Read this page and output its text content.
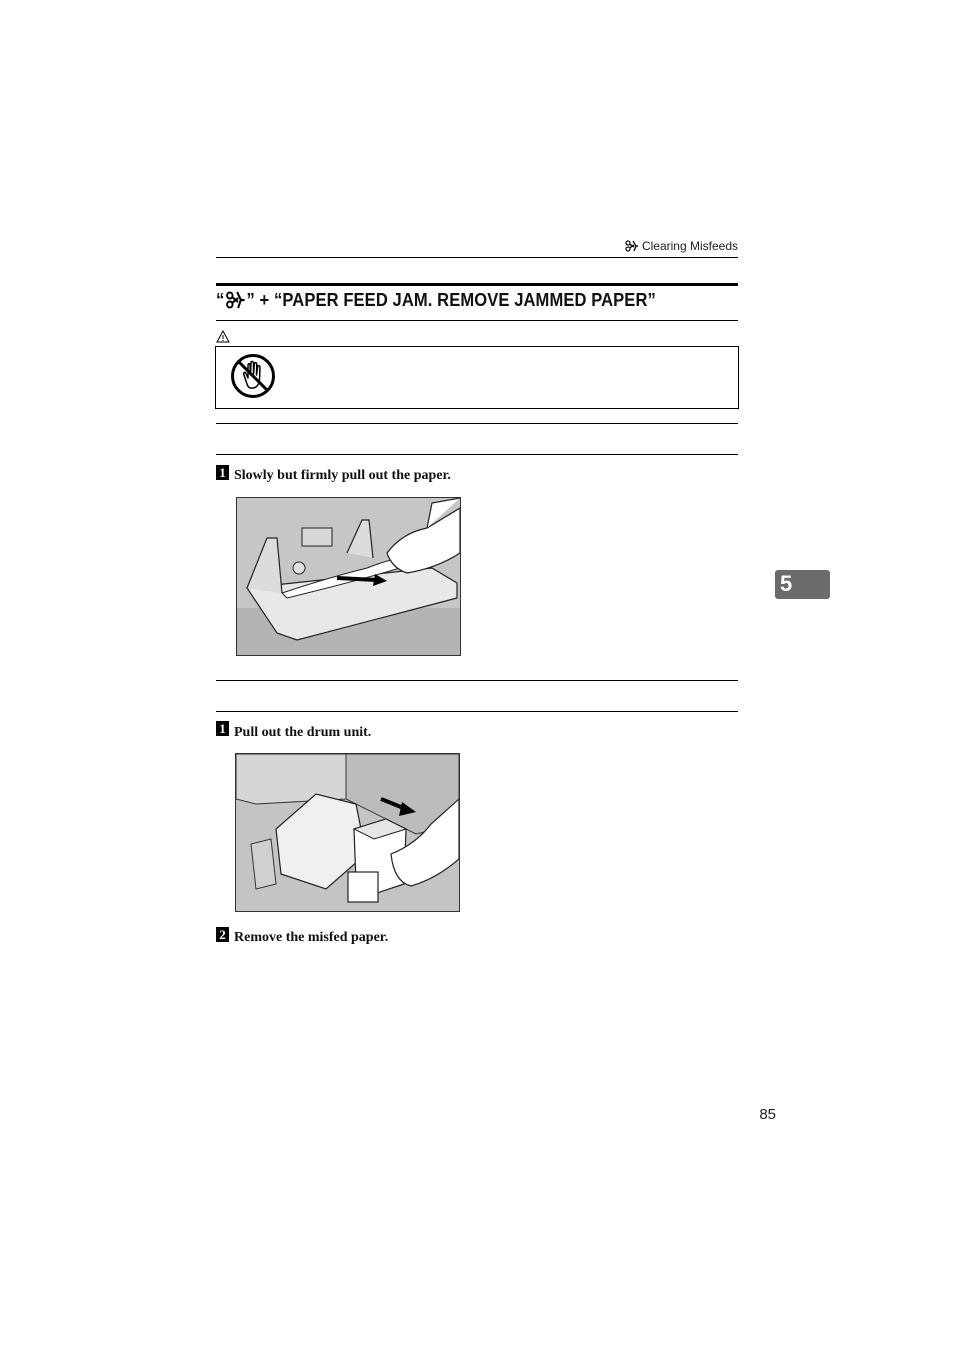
Clearing Misfeeds
“ ” + “PAPER FEED JAM. REMOVE JAMMED PAPER”
1 Slowly but firmly pull out the paper.
1 Pull out the drum unit.
2 Remove the misfed paper.
5
85
